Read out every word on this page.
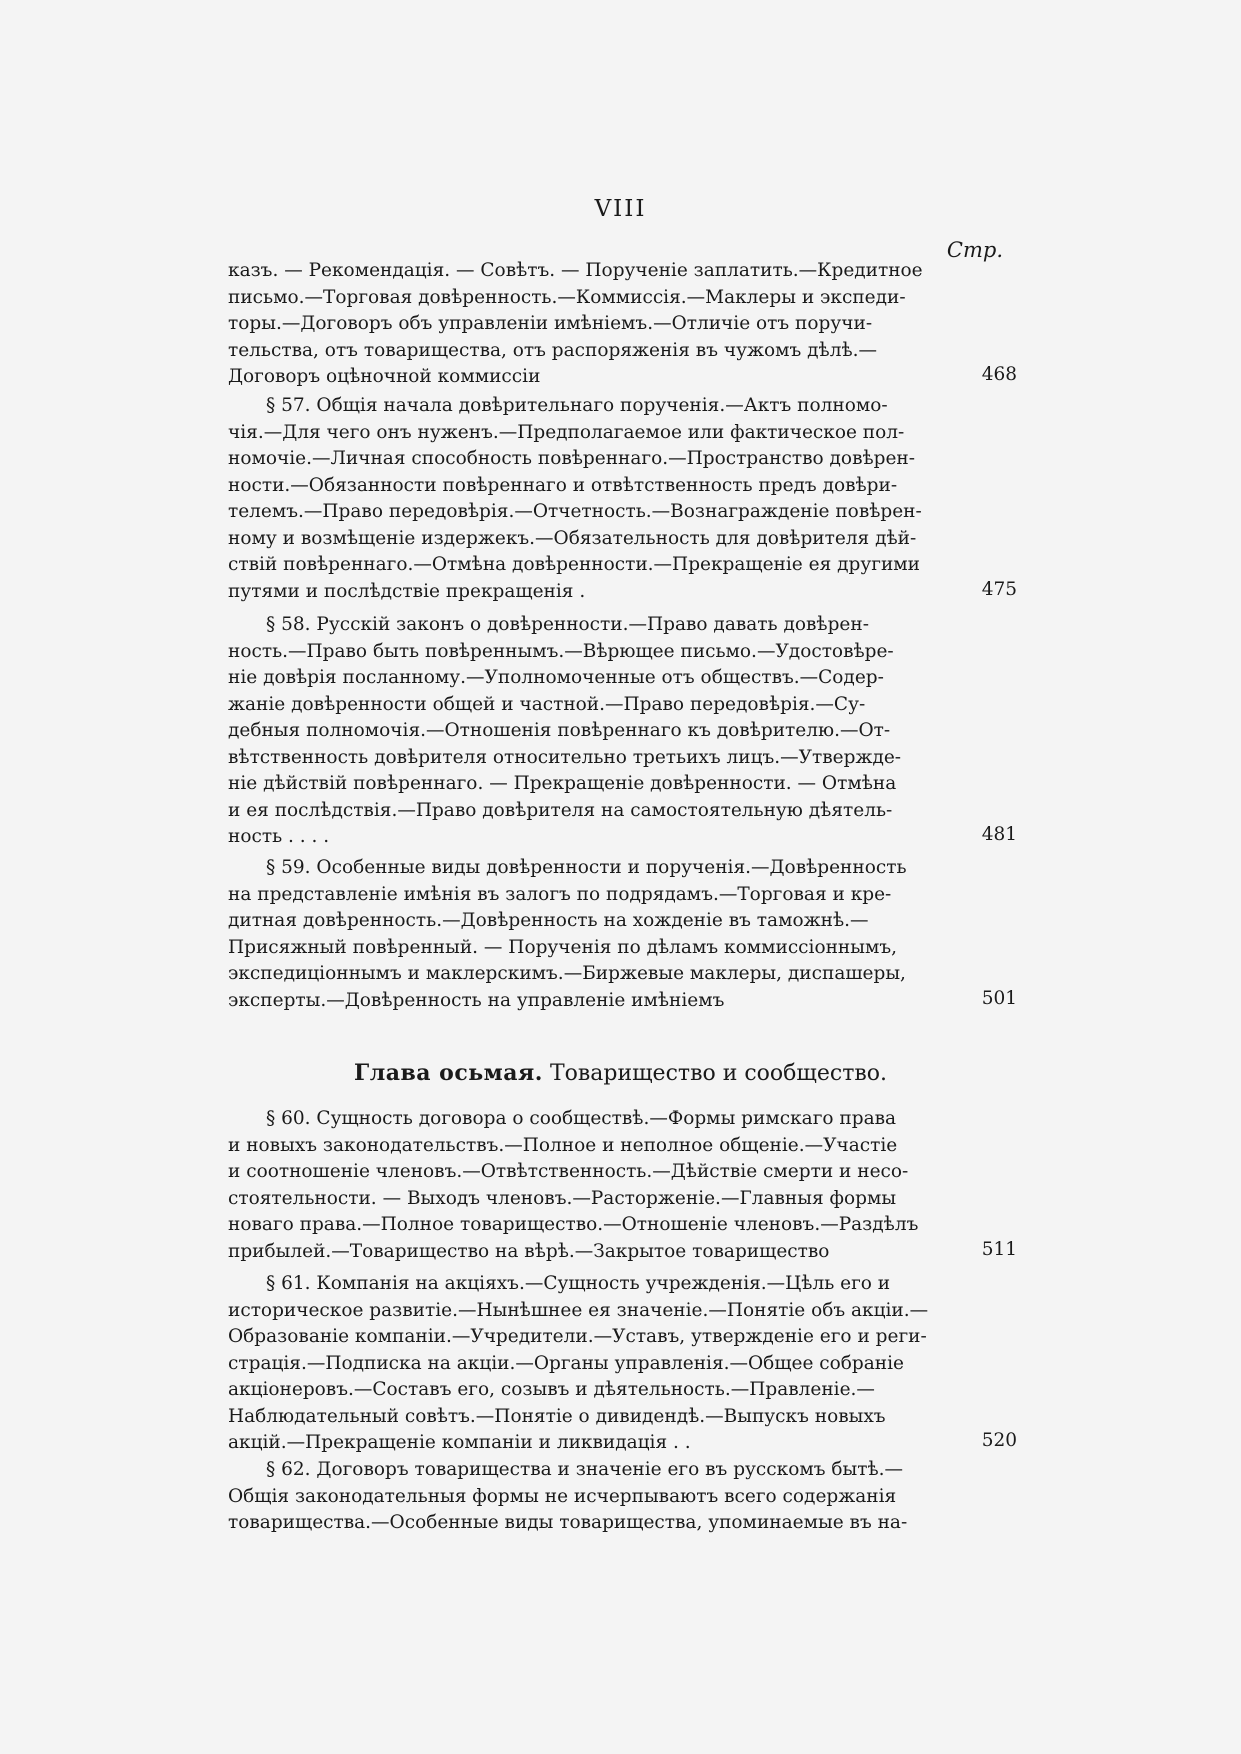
VIII
Стр.
казъ. — Рекомендація. — Совѣтъ. — Порученіе заплатить.—Кредитное
письмо.—Торговая довѣренность.—Коммиссія.—Маклеры и экспеди-
торы.—Договоръ объ управленіи имѣніемъ.—Отличіе отъ поручи-
тельства, отъ товарищества, отъ распоряженія въ чужомъ дѣлѣ.—
Договоръ оцѣночной коммиссіи	468
§ 57. Общія начала довѣрительнаго порученія.—Актъ полномо-
чія.—Для чего онъ нуженъ.—Предполагаемое или фактическое пол-
номочіе.—Личная способность повѣреннаго.—Пространство довѣрен-
ности.—Обязанности повѣреннаго и отвѣтственность предъ довѣри-
телемъ.—Право передовѣрія.—Отчетность.—Вознагражденіе повѣрен-
ному и возмѣщеніе издержекъ.—Обязательность для довѣрителя дѣй-
ствій повѣреннаго.—Отмѣна довѣренности.—Прекращеніе ея другими
путями и послѣдствіе прекращенія .	475
§ 58. Русскій законъ о довѣренности.—Право давать довѣрен-
ность.—Право быть повѣреннымъ.—Вѣрющее письмо.—Удостовѣре-
ніе довѣрія посланному.—Уполномоченные отъ обществъ.—Содер-
жаніе довѣренности общей и частной.—Право передовѣрія.—Су-
дебныя полномочія.—Отношенія повѣреннаго къ довѣрителю.—От-
вѣтственность довѣрителя относительно третьихъ лицъ.—Утвержде-
ніе дѣйствій повѣреннаго. — Прекращеніе довѣренности. — Отмѣна
и ея послѣдствія.—Право довѣрителя на самостоятельную дѣятель-
ность . . . .	481
§ 59. Особенные виды довѣренности и порученія.—Довѣренность
на представленіе имѣнія въ залогъ по подрядамъ.—Торговая и кре-
дитная довѣренность.—Довѣренность на хожденіе въ таможнѣ.—
Присяжный повѣренный. — Порученія по дѣламъ коммиссіоннымъ,
экспедиціоннымъ и маклерскимъ.—Биржевые маклеры, диспашеры,
эксперты.—Довѣренность на управленіе имѣніемъ	501
Глава осьмая. Товарищество и сообщество.
§ 60. Сущность договора о сообществѣ.—Формы римскаго права
и новыхъ законодательствъ.—Полное и неполное общеніе.—Участіе
и соотношеніе членовъ.—Отвѣтственность.—Дѣйствіе смерти и несо-
стоятельности. — Выходъ членовъ.—Расторженіе.—Главныя формы
новаго права.—Полное товарищество.—Отношеніе членовъ.—Раздѣлъ
прибылей.—Товарищество на вѣрѣ.—Закрытое товарищество	511
§ 61. Компанія на акціяхъ.—Сущность учрежденія.—Цѣль его и
историческое развитіе.—Нынѣшнее ея значеніе.—Понятіе объ акціи.—
Образованіе компаніи.—Учредители.—Уставъ, утвержденіе его и реги-
страція.—Подписка на акціи.—Органы управленія.—Общее собраніе
акціонеровъ.—Составъ его, созывъ и дѣятельность.—Правленіе.—
Наблюдательный совѣтъ.—Понятіе о дивидендѣ.—Выпускъ новыхъ
акцій.—Прекращеніе компаніи и ликвидація . .	520
§ 62. Договоръ товарищества и значеніе его въ русскомъ бытѣ.—
Общія законодательныя формы не исчерпываютъ всего содержанія
товарищества.—Особенные виды товарищества, упоминаемые въ на-
